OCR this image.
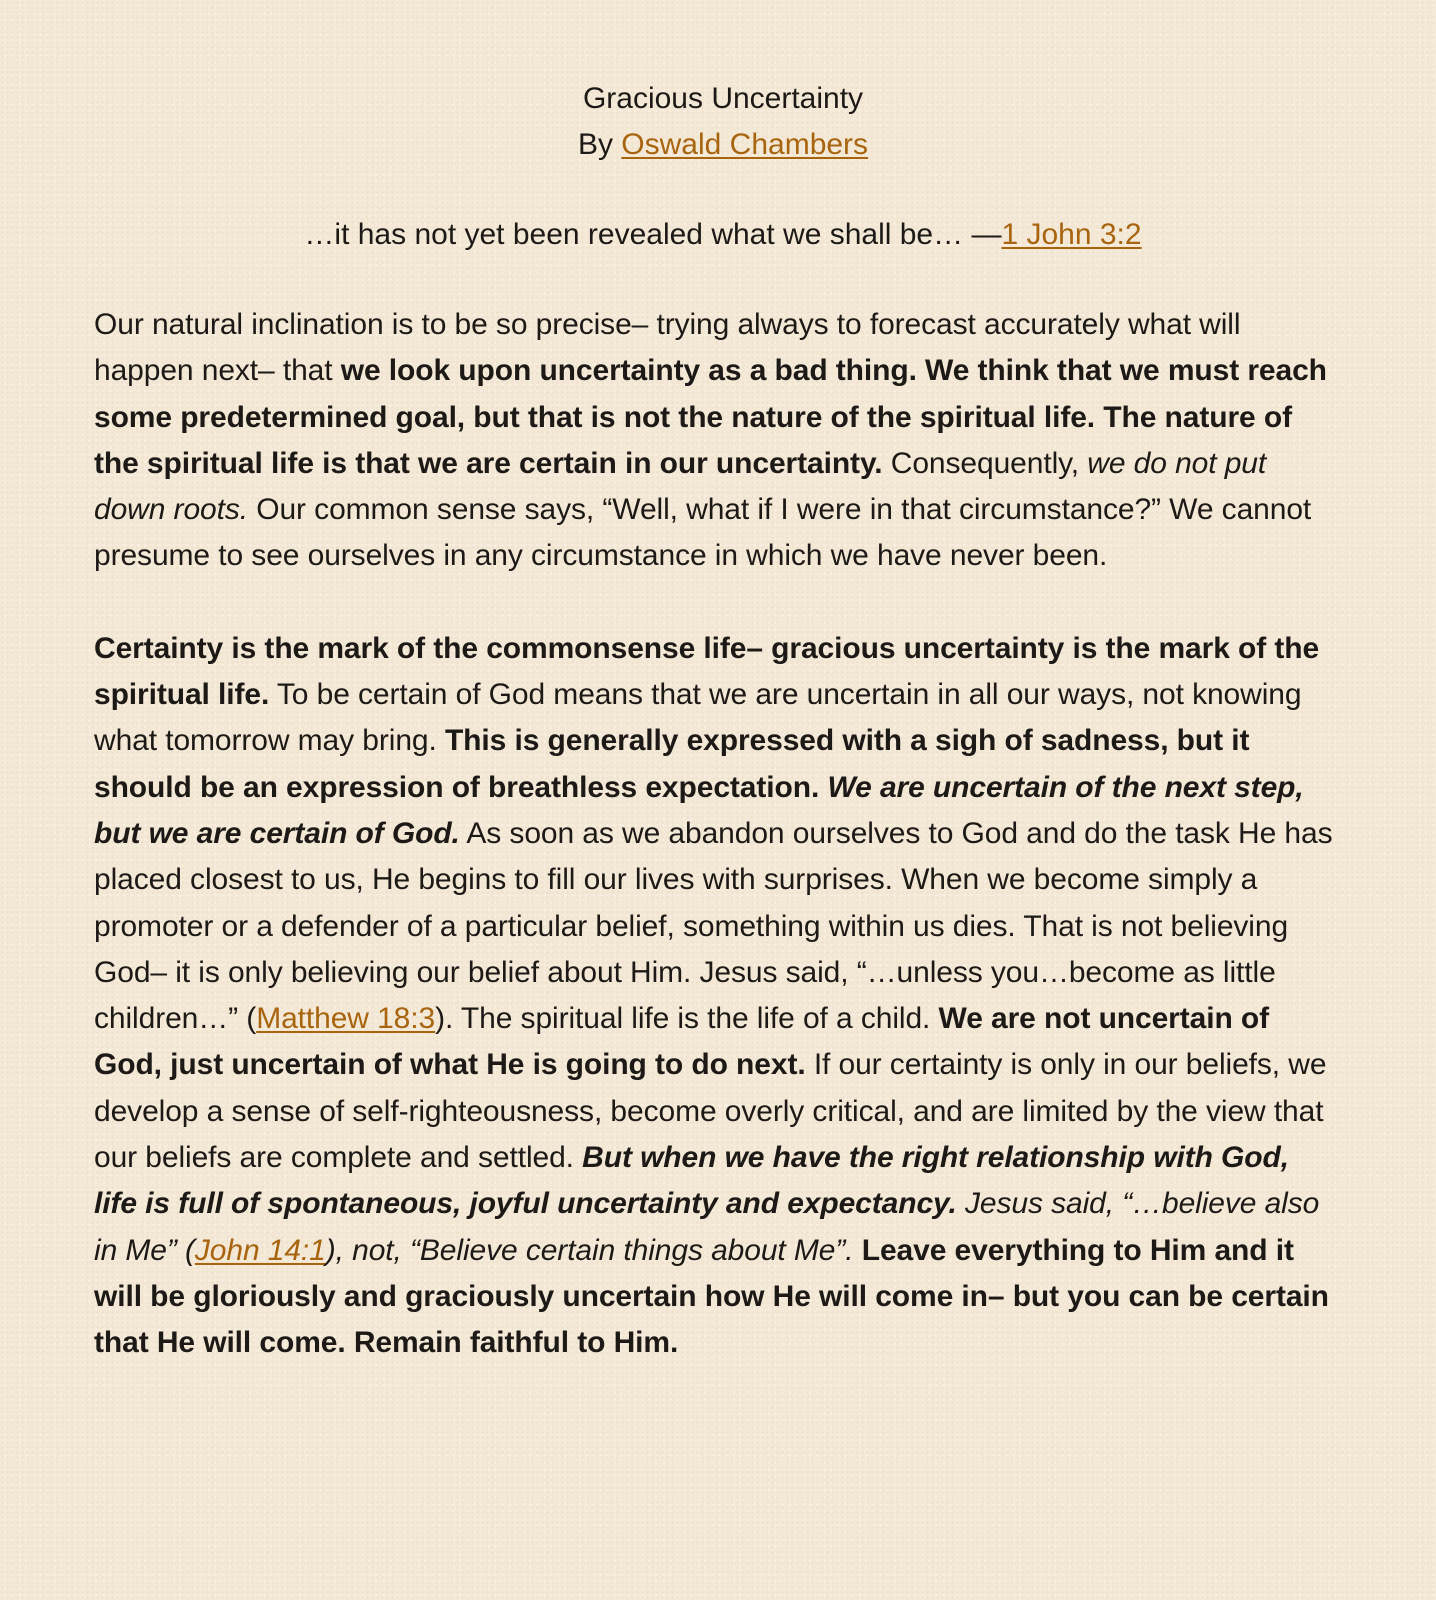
Gracious Uncertainty
By Oswald Chambers
…it has not yet been revealed what we shall be… —1 John 3:2

Our natural inclination is to be so precise– trying always to forecast accurately what will happen next– that we look upon uncertainty as a bad thing. We think that we must reach some predetermined goal, but that is not the nature of the spiritual life. The nature of the spiritual life is that we are certain in our uncertainty. Consequently, we do not put down roots. Our common sense says, “Well, what if I were in that circumstance?” We cannot presume to see ourselves in any circumstance in which we have never been.

Certainty is the mark of the commonsense life– gracious uncertainty is the mark of the spiritual life. To be certain of God means that we are uncertain in all our ways, not knowing what tomorrow may bring. This is generally expressed with a sigh of sadness, but it should be an expression of breathless expectation. We are uncertain of the next step, but we are certain of God. As soon as we abandon ourselves to God and do the task He has placed closest to us, He begins to fill our lives with surprises. When we become simply a promoter or a defender of a particular belief, something within us dies. That is not believing God– it is only believing our belief about Him. Jesus said, “…unless you…become as little children…” (Matthew 18:3). The spiritual life is the life of a child. We are not uncertain of God, just uncertain of what He is going to do next. If our certainty is only in our beliefs, we develop a sense of self-righteousness, become overly critical, and are limited by the view that our beliefs are complete and settled. But when we have the right relationship with God, life is full of spontaneous, joyful uncertainty and expectancy. Jesus said, “…believe also in Me” (John 14:1), not, “Believe certain things about Me”. Leave everything to Him and it will be gloriously and graciously uncertain how He will come in– but you can be certain that He will come. Remain faithful to Him.
